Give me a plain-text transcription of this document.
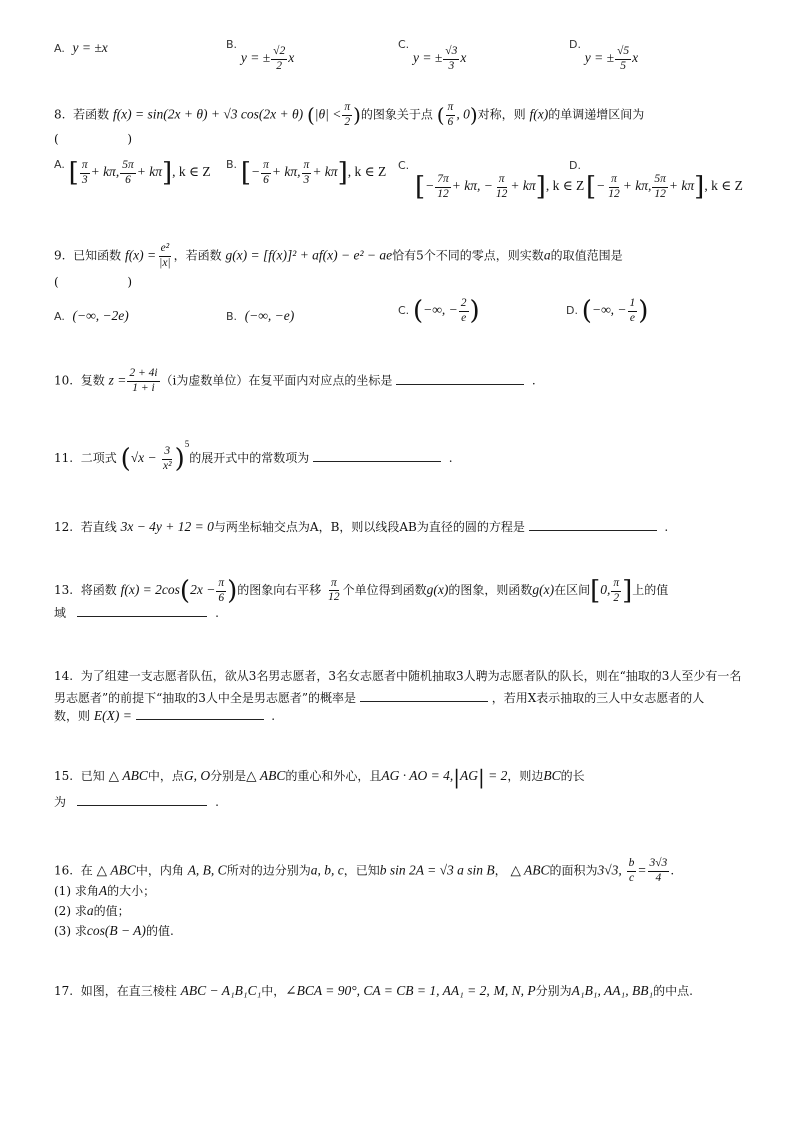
A. y = ±x	B. y = ± $\frac{√2}{2}$ x
C. y = ± $\frac{√3}{3}$ x
D. y = ± $\frac{√5}{5}$ x
8. 若函数 f(x) = sin(2x + θ) + √3 cos(2x + θ) ($|\theta| < \frac{\pi}{2}$ )的图象关于点 ( $\frac{\pi}{6}$ , 0)对称，则 f(x)的单调递增区间为
(                  )
A. [ $\frac{\pi}{3} + k\pi$, $\frac{5\pi}{6} + k\pi$], k ∈ Z B. [− $\frac{\pi}{6} + k\pi$, $\frac{\pi}{3} + k\pi$], k ∈ Z C.	D.
[− $\frac{7\pi}{12} + k\pi$, − $\frac{\pi}{12} + k\pi$], k ∈ Z [− $\frac{\pi}{12} + k\pi$, $\frac{5\pi}{12} + k\pi$], k ∈ Z
9. 已知函数 $f(x) = \frac{\text{e²}}{|x|}$ ，若函数 g(x) = [f(x)]² + af(x) − e² − ae恰有5个不同的零点，则实数a的取值范围是
(                  )
A. (−∞, −2e)	B. (−∞, −e)	C. (−∞, − $\frac{2}{e}$ )	D. (−∞, − $\frac{1}{e}$ )
10. 复数 $z = \frac{2 + 4i}{1 + i} (i$为虚数单位）在复平面内对应点的坐标是	.
11. 二项式 $(√x - \frac{3}{\text{x²}} )^5$的展开式中的常数项为	.
12. 若直线 3x − 4y + 12 = 0与两坐标轴交点为A，B，则以线段AB为直径的圆的方程是	.
13. 将函数 $f(x) = 2\cos(2x - \frac{\pi}{6}$ )的图象向右平移 $\frac{\pi}{12}$ 个单位得到函数g(x)的图象，则函数g(x)在区间[0, $\frac{\pi}{2}$ ]上的值
域	.
14. 为了组建一支志愿者队伍，欲从3名男志愿者，3名女志愿者中随机抽取3人聘为志愿者队的队长，则在“抽取的3人至少有一名
男志愿者”的前提下“抽取的3人中全是男志愿者”的概率是	，若用X表示抽取的三人中女志愿者的人
数，则 E(X) =	.
15. 已知 △ ABC中，点G, O分别是△ ABC的重心和外心，且AG · AO = 4,|AG| = 2，则边BC的长
为	.
16. 在 △ ABC中，内角 A, B, C所对的边分别为a, b, c，已知b sin 2A = √3 a sin B， △ ABC的面积为3√3, $\frac{b}{c} = \frac{3√3}{4}$ .
(1) 求角A的大小；
(2) 求a的值；
(3) 求cos(B − A)的值.
17. 如图，在直三棱柱 ABC − A₁B₁C₁中，∠BCA = 90°, CA = CB = 1, AA₁ = 2, M, N, P分别为A₁B₁, AA₁, BB₁的中点.
